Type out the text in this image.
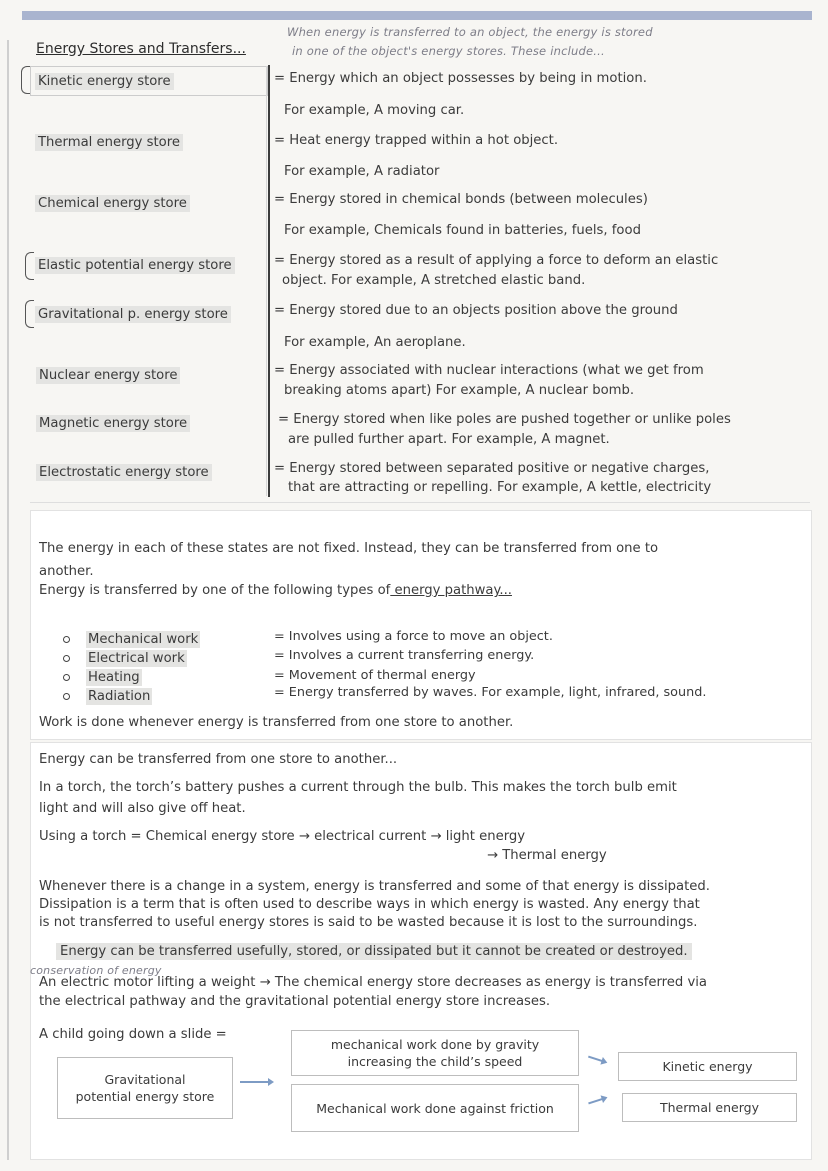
When energy is transferred to an object, the energy is stored
Energy Stores and Transfers...	in one of the object's energy stores. These include...
Kinetic energy store	= Energy which an object possesses by being in motion.
For example, A moving car.
Thermal energy store	= Heat energy trapped within a hot object.
For example, A radiator
Chemical energy store	= Energy stored in chemical bonds (between molecules)
For example, Chemicals found in batteries, fuels, food
Elastic potential energy store	= Energy stored as a result of applying a force to deform an elastic
object. For example, A stretched elastic band.
Gravitational p. energy store	= Energy stored due to an objects position above the ground
For example, An aeroplane.
Nuclear energy store	= Energy associated with nuclear interactions (what we get from
breaking atoms apart) For example, A nuclear bomb.
Magnetic energy store	= Energy stored when like poles are pushed together or unlike poles
are pulled further apart. For example, A magnet.
Electrostatic energy store	= Energy stored between separated positive or negative charges,
that are attracting or repelling. For example, A kettle, electricity
The energy in each of these states are not fixed. Instead, they can be transferred from one to
another.
Energy is transferred by one of the following types of energy pathway...
Mechanical work	= Involves using a force to move an object.
Electrical work	= Involves a current transferring energy.
Heating	= Movement of thermal energy
Radiation	= Energy transferred by waves. For example, light, infrared, sound.
Work is done whenever energy is transferred from one store to another.
Energy can be transferred from one store to another...
In a torch, the torch’s battery pushes a current through the bulb. This makes the torch bulb emit
light and will also give off heat.
Using a torch = Chemical energy store → electrical current → light energy
→ Thermal energy
Whenever there is a change in a system, energy is transferred and some of that energy is dissipated.
Dissipation is a term that is often used to describe ways in which energy is wasted. Any energy that
is not transferred to useful energy stores is said to be wasted because it is lost to the surroundings.
Energy can be transferred usefully, stored, or dissipated but it cannot be created or destroyed.
conservation of energy
An electric motor lifting a weight → The chemical energy store decreases as energy is transferred via
the electrical pathway and the gravitational potential energy store increases.
A child going down a slide =
Gravitational
potential energy store
mechanical work done by gravity
increasing the child’s speed
Mechanical work done against friction
Kinetic energy
Thermal energy
